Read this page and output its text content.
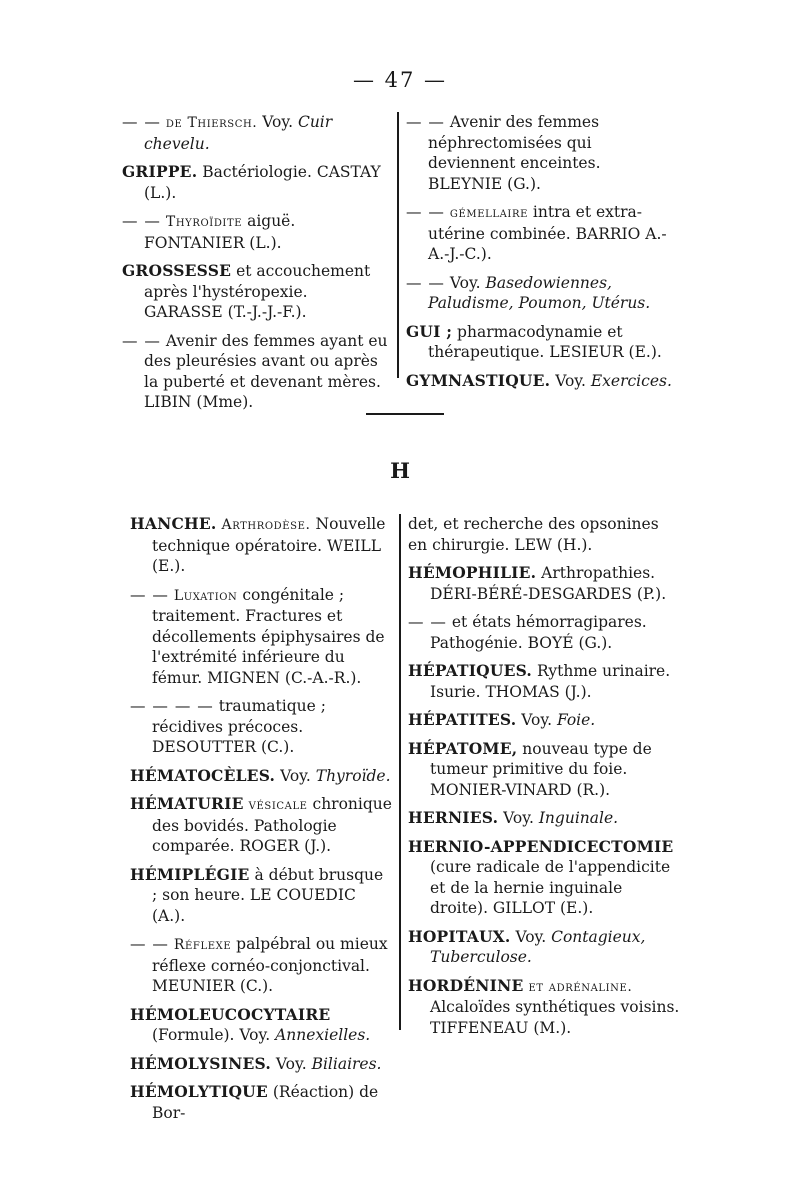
— 47 —
— — de Thiersch. Voy. Cuir chevelu.
GRIPPE. Bactériologie. CASTAY (L.).
— — Thyroïdite aiguë. FONTANIER (L.).
GROSSESSE et accouchement après l'hystéropexie. GARASSE (T.-J.-J.-F.).
— — Avenir des femmes ayant eu des pleurésies avant ou après la puberté et devenant mères. LIBIN (Mme).
— — Avenir des femmes néphrectomisées qui deviennent enceintes. BLEYNIE (G.).
— — gémellaire intra et extra-utérine combinée. BARRIO A.-A.-J.-C.).
— — Voy. Basedowiennes, Paludisme, Poumon, Utérus.
GUI ; pharmacodynamie et thérapeutique. LESIEUR (E.).
GYMNASTIQUE. Voy. Exercices.
H
HANCHE. Arthrodèse. Nouvelle technique opératoire. WEILL (E.).
— — Luxation congénitale ; traitement. Fractures et décollements épiphysaires de l'extrémité inférieure du fémur. MIGNEN (C.-A.-R.).
— — — — traumatique ; récidives précoces. DESOUTTER (C.).
HÉMATOCÈLES. Voy. Thyroïde.
HÉMATURIE vésicale chronique des bovidés. Pathologie comparée. ROGER (J.).
HÉMIPLÉGIE à début brusque ; son heure. LE COUEDIC (A.).
— — Réflexe palpébral ou mieux réflexe cornéo-conjonctival. MEUNIER (C.).
HÉMOLEUCOCYTAIRE (Formule). Voy. Annexielles.
HÉMOLYSINES. Voy. Biliaires.
HÉMOLYTIQUE (Réaction) de Bor-
det, et recherche des opsonines en chirurgie. LEW (H.).
HÉMOPHILIE. Arthropathies. DÉRI-BÉRÉ-DESGARDES (P.).
— — et états hémorragipares. Pathogénie. BOYÉ (G.).
HÉPATIQUES. Rythme urinaire. Isurie. THOMAS (J.).
HÉPATITES. Voy. Foie.
HÉPATOME, nouveau type de tumeur primitive du foie. MONIER-VINARD (R.).
HERNIES. Voy. Inguinale.
HERNIO-APPENDICECTOMIE (cure radicale de l'appendicite et de la hernie inguinale droite). GILLOT (E.).
HOPITAUX. Voy. Contagieux, Tuberculose.
HORDÉNINE et adrénaline. Alcaloïdes synthétiques voisins. TIFFENEAU (M.).
